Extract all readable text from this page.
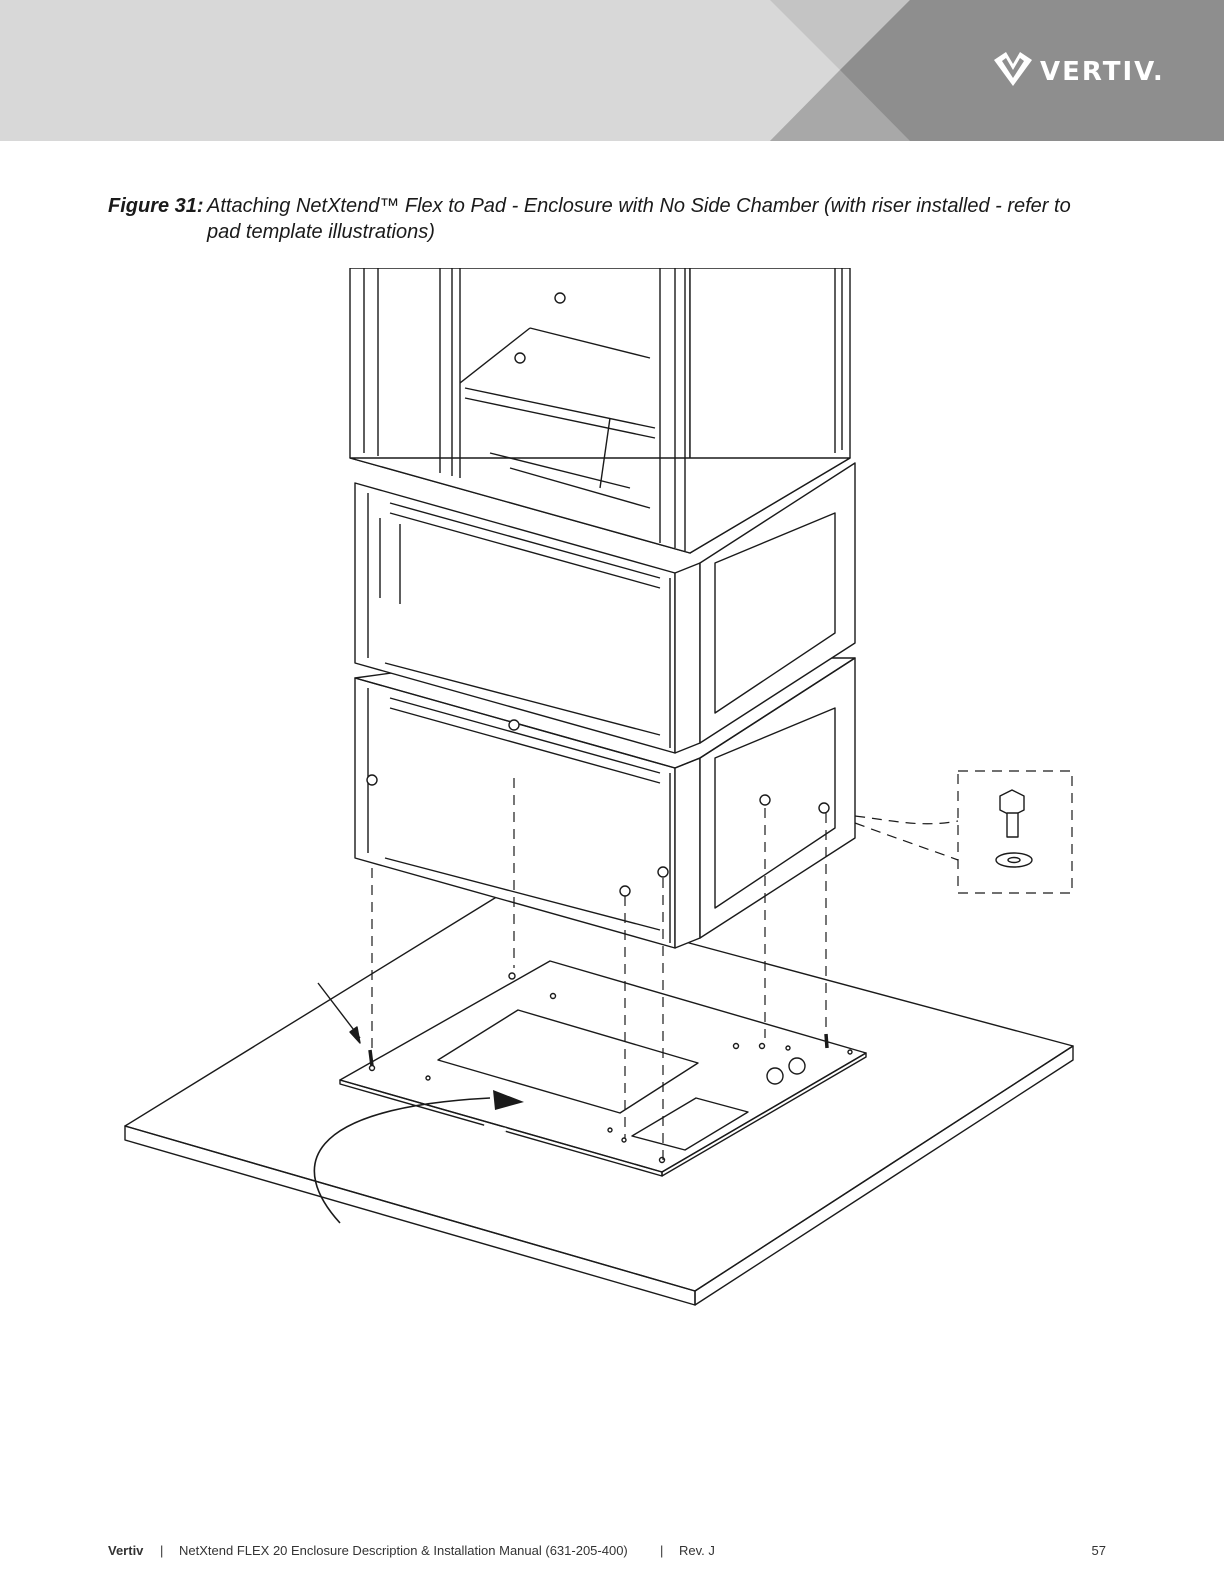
VERTIV.
Figure 31: Attaching NetXtend™ Flex to Pad - Enclosure with No Side Chamber (with riser installed - refer to pad template illustrations)
Vertiv | NetXtend FLEX 20 Enclosure Description & Installation Manual (631-205-400) | Rev. J	57
